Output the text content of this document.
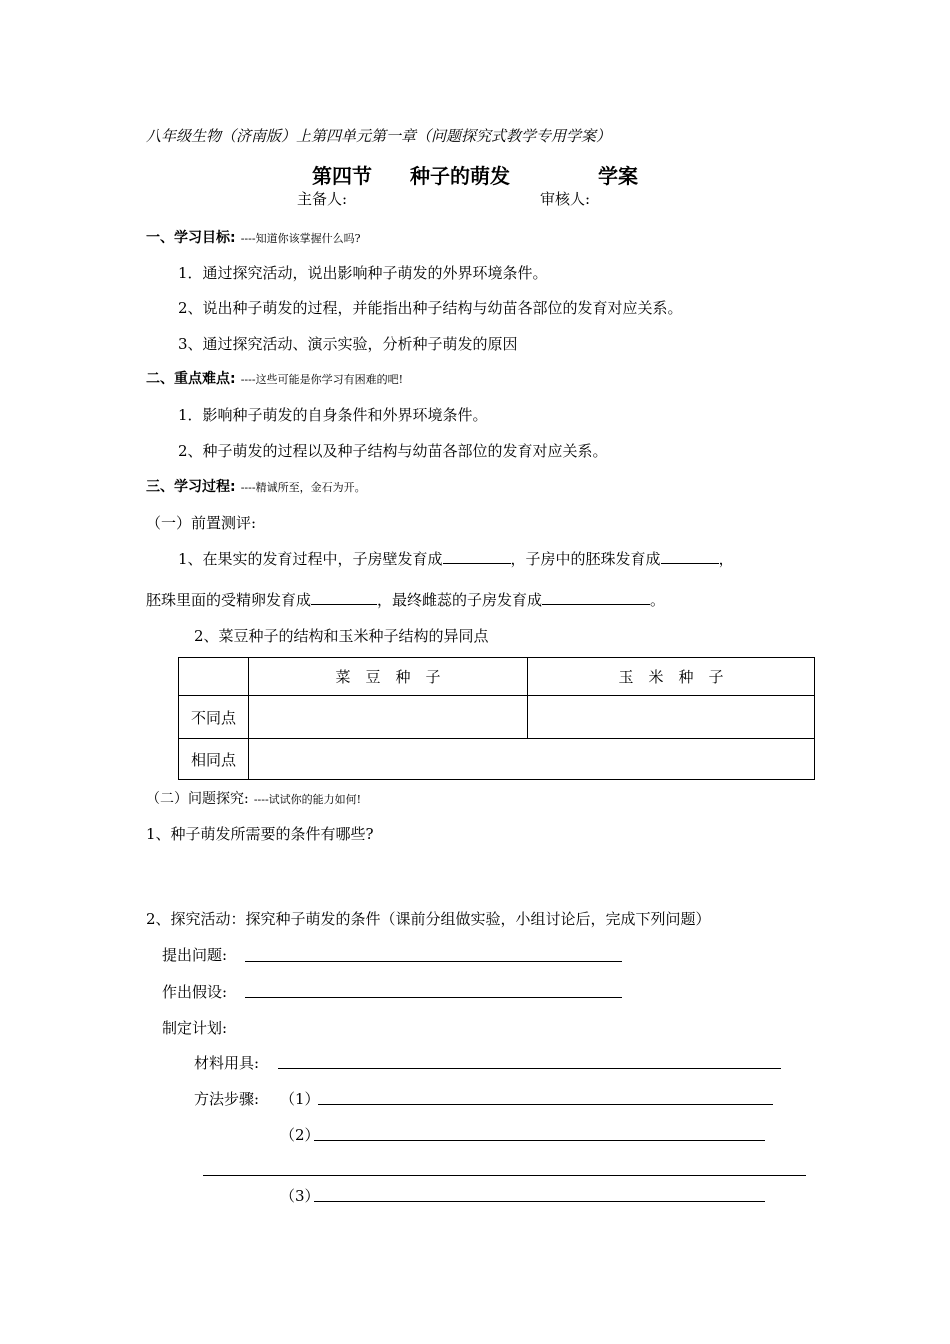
八年级生物（济南版）上第四单元第一章（问题探究式教学专用学案）
第四节 种子的萌发	学案
主备人:	审核人:
一、学习目标: ----知道你该掌握什么吗?
1．通过探究活动，说出影响种子萌发的外界环境条件。
2、说出种子萌发的过程，并能指出种子结构与幼苗各部位的发育对应关系。
3、通过探究活动、演示实验，分析种子萌发的原因
二、重点难点: ----这些可能是你学习有困难的吧!
1．影响种子萌发的自身条件和外界环境条件。
2、种子萌发的过程以及种子结构与幼苗各部位的发育对应关系。
三、学习过程: ----精诚所至，金石为开。
（一）前置测评:
1、在果实的发育过程中，子房壁发育成	，子房中的胚珠发育成	，
胚珠里面的受精卵发育成	，最终雌蕊的子房发育成	。
2、菜豆种子的结构和玉米种子结构的异同点
	菜　豆　种　子	玉　米　种　子
不同点		
相同点		
（二）问题探究: ----试试你的能力如何!
1、种子萌发所需要的条件有哪些?
2、探究活动：探究种子萌发的条件（课前分组做实验，小组讨论后，完成下列问题）
提出问题:
作出假设:
制定计划:
材料用具:
方法步骤: （1）
（2）
（3）
